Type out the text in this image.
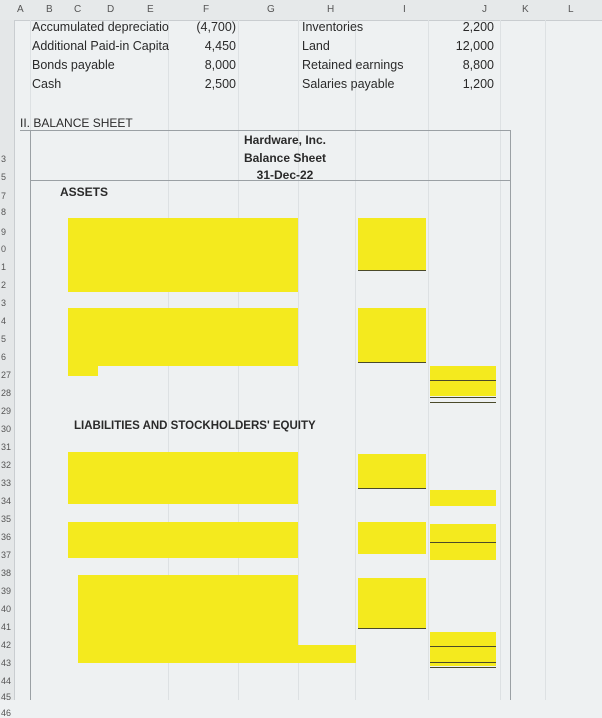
A B C	D	E	F	G	H	I	J	K	L
3
5
7
8
9
0
1
2
3
4
5
6
27
28
29
30
31
32
33
34
35
36
37
38
39
40
41
42
43
44
45
46
Accumulated depreciatio	(4,700)	Inventories	2,200
Additional Paid-in Capita	4,450	Land	12,000
Bonds payable	8,000	Retained earnings	8,800
Cash	2,500	Salaries payable	1,200
II. BALANCE SHEET
Hardware, Inc.
Balance Sheet
31-Dec-22
ASSETS
LIABILITIES AND STOCKHOLDERS' EQUITY
